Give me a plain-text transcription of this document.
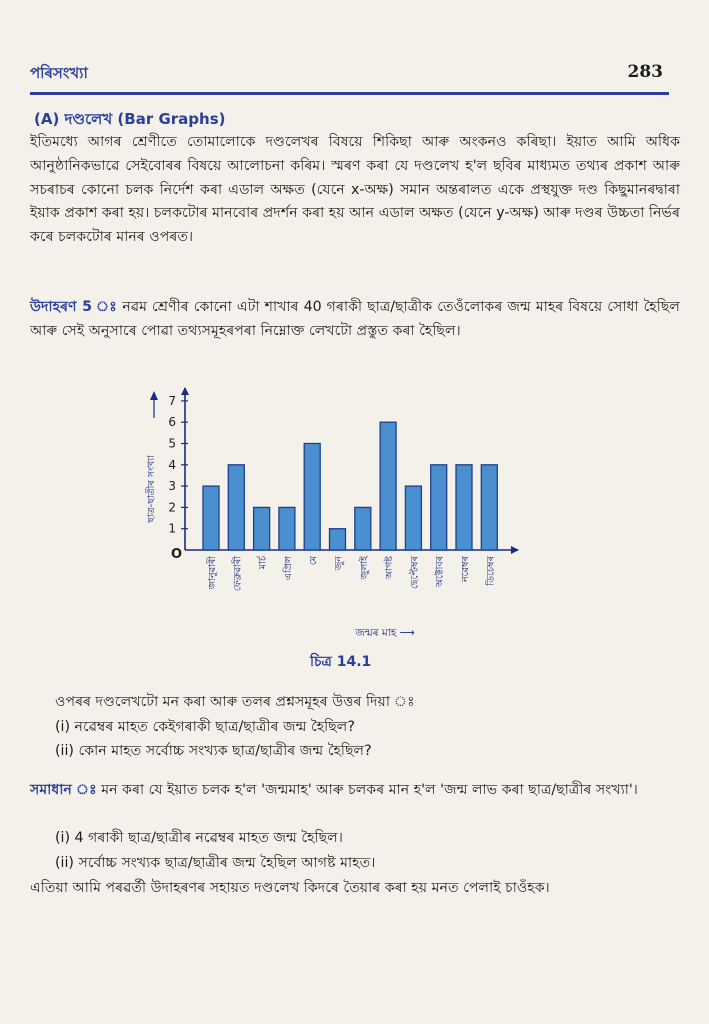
পৰিসংখ্যা	283
(A) দণ্ডলেখ (Bar Graphs)
ইতিমধ্যে আগৰ শ্ৰেণীতে তোমালোকে দণ্ডলেখৰ বিষয়ে শিকিছা আৰু অংকনও কৰিছা। ইয়াত আমি অধিক আনুষ্ঠানিকভাৱে সেইবোৰৰ বিষয়ে আলোচনা কৰিম। স্মৰণ কৰা যে দণ্ডলেখ হ'ল ছবিৰ মাধ্যমত তথ্যৰ প্ৰকাশ আৰু সচৰাচৰ কোনো চলক নিৰ্দেশ কৰা এডাল অক্ষত (যেনে x-অক্ষ) সমান অন্তৰালত একে প্ৰস্থযুক্ত দণ্ড কিছুমানৰদ্বাৰা ইয়াক প্ৰকাশ কৰা হয়। চলকটোৰ মানবোৰ প্ৰদৰ্শন কৰা হয় আন এডাল অক্ষত (যেনে y-অক্ষ) আৰু দণ্ডৰ উচ্চতা নিৰ্ভৰ কৰে চলকটোৰ মানৰ ওপৰত।
উদাহৰণ 5 ঃ নৱম শ্ৰেণীৰ কোনো এটা শাখাৰ 40 গৰাকী ছাত্ৰ/ছাত্ৰীক তেওঁলোকৰ জন্ম মাহৰ বিষয়ে সোধা হৈছিল আৰু সেই অনুসাৰে পোৱা তথ্যসমূহৰপৰা নিম্নোক্ত লেখটো প্ৰস্তুত কৰা হৈছিল।
O
1
2
3
4
5
6
7
ছাত্ৰ-ছাত্ৰীৰ সংখ্যা
জানুৱাৰী ফেব্ৰুৱাৰী মাৰ্চ এপ্ৰিল মে জুন জুলাই আগষ্ট ছেপ্টেম্বৰ অক্টোবৰ নৱেম্বৰ ডিচেম্বৰ
জন্মৰ মাহ ⟶
চিত্ৰ 14.1
ওপৰৰ দণ্ডলেখটো মন কৰা আৰু তলৰ প্ৰশ্নসমূহৰ উত্তৰ দিয়া ঃ
(i) নৱেম্বৰ মাহত কেইগৰাকী ছাত্ৰ/ছাত্ৰীৰ জন্ম হৈছিল?
(ii) কোন মাহত সৰ্বোচ্চ সংখ্যক ছাত্ৰ/ছাত্ৰীৰ জন্ম হৈছিল?
সমাধান ঃ মন কৰা যে ইয়াত চলক হ'ল 'জন্মমাহ' আৰু চলকৰ মান হ'ল 'জন্ম লাভ কৰা ছাত্ৰ/ছাত্ৰীৰ সংখ্যা'।
(i) 4 গৰাকী ছাত্ৰ/ছাত্ৰীৰ নৱেম্বৰ মাহত জন্ম হৈছিল।
(ii) সৰ্বোচ্চ সংখ্যক ছাত্ৰ/ছাত্ৰীৰ জন্ম হৈছিল আগষ্ট মাহত।
এতিয়া আমি পৰৱৰ্তী উদাহৰণৰ সহায়ত দণ্ডলেখ কিদৰে তৈয়াৰ কৰা হয় মনত পেলাই চাওঁহক।
